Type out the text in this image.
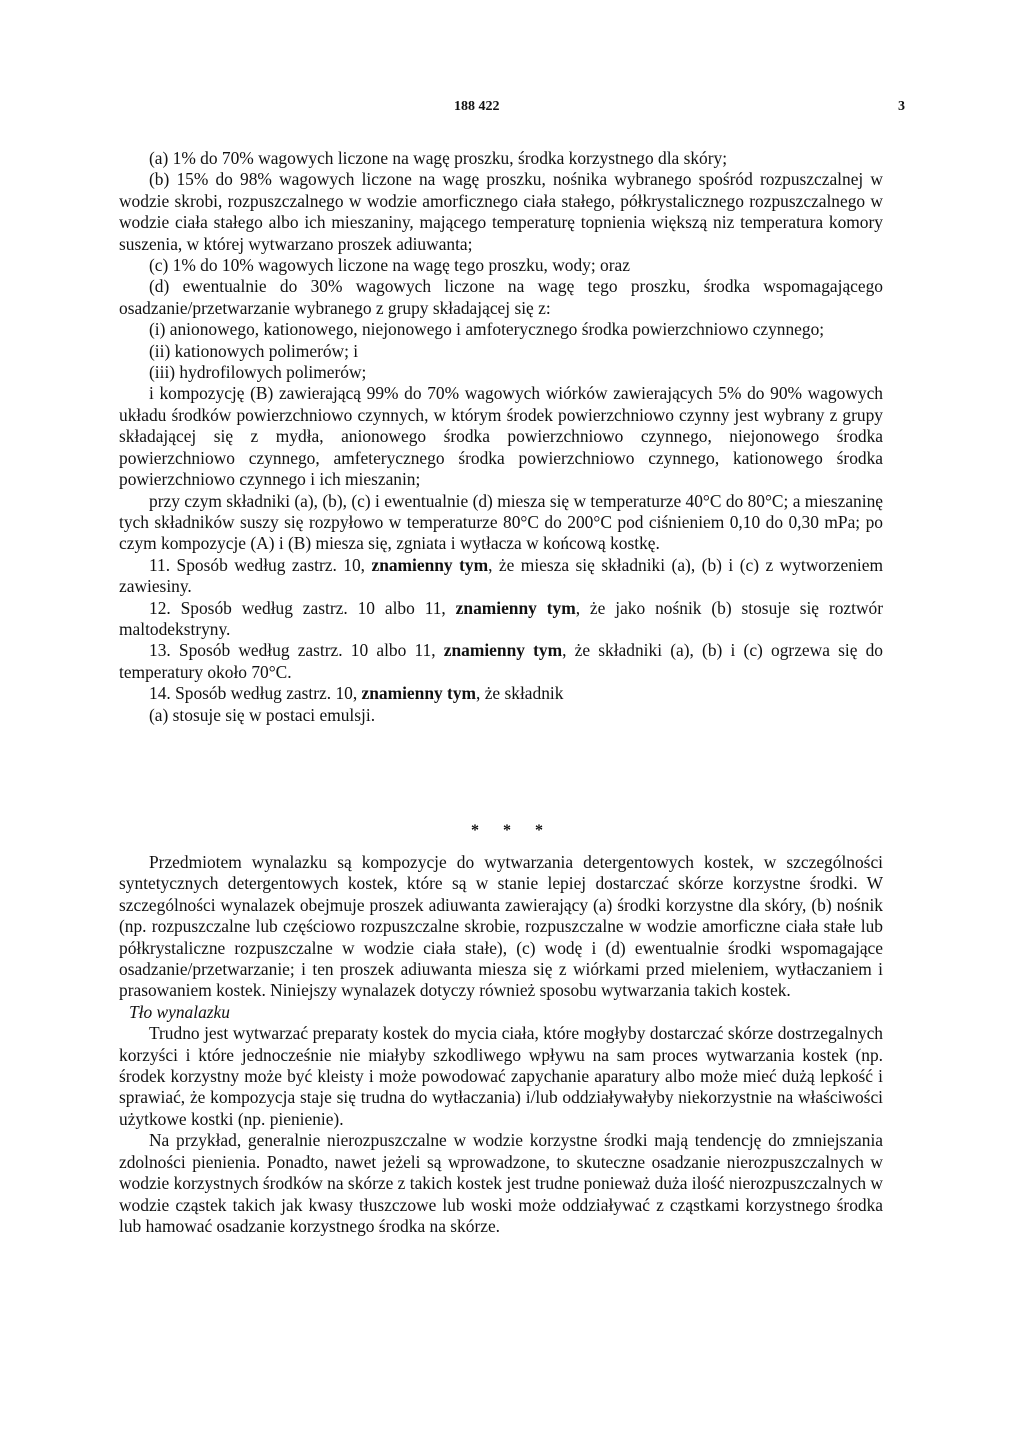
188 422	3

(a) 1% do 70% wagowych liczone na wagę proszku, środka korzystnego dla skóry;

(b) 15% do 98% wagowych liczone na wagę proszku, nośnika wybranego spośród rozpuszczalnej w wodzie skrobi, rozpuszczalnego w wodzie amorficznego ciała stałego, półkrystalicznego rozpuszczalnego w wodzie ciała stałego albo ich mieszaniny, mającego temperaturę topnienia większą niz temperatura komory suszenia, w której wytwarzano proszek adiuwanta;

(c) 1% do 10% wagowych liczone na wagę tego proszku, wody; oraz

(d) ewentualnie do 30% wagowych liczone na wagę tego proszku, środka wspomagającego osadzanie/przetwarzanie wybranego z grupy składającej się z:

(i) anionowego, kationowego, niejonowego i amfoterycznego środka powierzchniowo czynnego;

(ii) kationowych polimerów; i

(iii) hydrofilowych polimerów;

i kompozycję (B) zawierającą 99% do 70% wagowych wiórków zawierających 5% do 90% wagowych układu środków powierzchniowo czynnych, w którym środek powierzchniowo czynny jest wybrany z grupy składającej się z mydła, anionowego środka powierzchniowo czynnego, niejonowego środka powierzchniowo czynnego, amfeterycznego środka powierzchniowo czynnego, kationowego środka powierzchniowo czynnego i ich mieszanin;

przy czym składniki (a), (b), (c) i ewentualnie (d) miesza się w temperaturze 40°C do 80°C; a mieszaninę tych składników suszy się rozpyłowo w temperaturze 80°C do 200°C pod ciśnieniem 0,10 do 0,30 mPa; po czym kompozycje (A) i (B) miesza się, zgniata i wytłacza w końcową kostkę.

11. Sposób według zastrz. 10, znamienny tym, że miesza się składniki (a), (b) i (c) z wytworzeniem zawiesiny.

12. Sposób według zastrz. 10 albo 11, znamienny tym, że jako nośnik (b) stosuje się roztwór maltodekstryny.

13. Sposób według zastrz. 10 albo 11, znamienny tym, że składniki (a), (b) i (c) ogrzewa się do temperatury około 70°C.

14. Sposób według zastrz. 10, znamienny tym, że składnik

(a) stosuje się w postaci emulsji.

* * *

Przedmiotem wynalazku są kompozycje do wytwarzania detergentowych kostek, w szczególności syntetycznych detergentowych kostek, które są w stanie lepiej dostarczać skórze korzystne środki. W szczególności wynalazek obejmuje proszek adiuwanta zawierający (a) środki korzystne dla skóry, (b) nośnik (np. rozpuszczalne lub częściowo rozpuszczalne skrobie, rozpuszczalne w wodzie amorficzne ciała stałe lub półkrystaliczne rozpuszczalne w wodzie ciała stałe), (c) wodę i (d) ewentualnie środki wspomagające osadzanie/przetwarzanie; i ten proszek adiuwanta miesza się z wiórkami przed mieleniem, wytłaczaniem i prasowaniem kostek. Niniejszy wynalazek dotyczy również sposobu wytwarzania takich kostek.

Tło wynalazku

Trudno jest wytwarzać preparaty kostek do mycia ciała, które mogłyby dostarczać skórze dostrzegalnych korzyści i które jednocześnie nie miałyby szkodliwego wpływu na sam proces wytwarzania kostek (np. środek korzystny może być kleisty i może powodować zapychanie aparatury albo może mieć dużą lepkość i sprawiać, że kompozycja staje się trudna do wytłaczania) i/lub oddziaływałyby niekorzystnie na właściwości użytkowe kostki (np. pienienie).

Na przykład, generalnie nierozpuszczalne w wodzie korzystne środki mają tendencję do zmniejszania zdolności pienienia. Ponadto, nawet jeżeli są wprowadzone, to skuteczne osadzanie nierozpuszczalnych w wodzie korzystnych środków na skórze z takich kostek jest trudne ponieważ duża ilość nierozpuszczalnych w wodzie cząstek takich jak kwasy tłuszczowe lub woski może oddziaływać z cząstkami korzystnego środka lub hamować osadzanie korzystnego środka na skórze.
